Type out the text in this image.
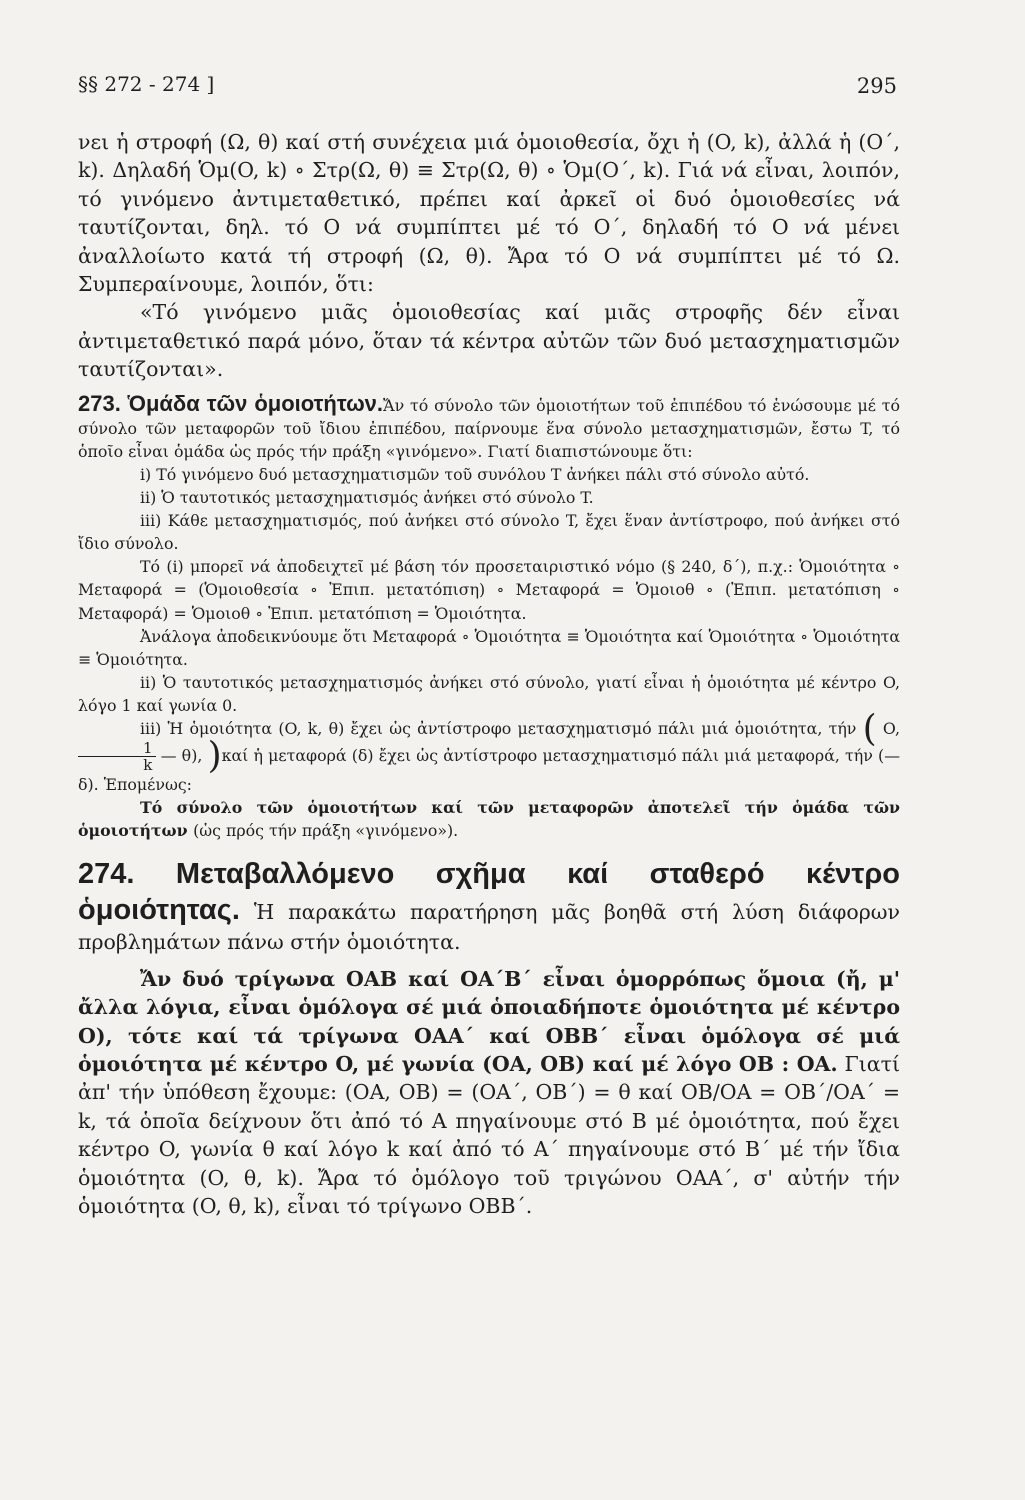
§§ 272 - 274 ]	295

νει ἡ στροφή (Ω, θ) καί στή συνέχεια μιά ὁμοιοθεσία, ὄχι ἡ (O, k), ἀλλά ἡ (O΄, k). Δηλαδή Ὁμ(O, k) ∘ Στρ(Ω, θ) ≡ Στρ(Ω, θ) ∘ Ὁμ(O΄, k). Γιά νά εἶναι, λοιπόν, τό γινόμενο ἀντιμεταθετικό, πρέπει καί ἀρκεῖ οἱ δυό ὁμοιοθεσίες νά ταυτίζονται, δηλ. τό O νά συμπίπτει μέ τό O΄, δηλαδή τό O νά μένει ἀναλλοίωτο κατά τή στροφή (Ω, θ). Ἄρα τό O νά συμπίπτει μέ τό Ω. Συμπεραίνουμε, λοιπόν, ὅτι:

«Τό γινόμενο μιᾶς ὁμοιοθεσίας καί μιᾶς στροφῆς δέν εἶναι ἀντιμεταθετικό παρά μόνο, ὅταν τά κέντρα αὐτῶν τῶν δυό μετασχηματισμῶν ταυτίζονται».

273. Ὁμάδα τῶν ὁμοιοτήτων.Ἄν τό σύνολο τῶν ὁμοιοτήτων τοῦ ἐπιπέδου τό ἑνώσουμε μέ τό σύνολο τῶν μεταφορῶν τοῦ ἴδιου ἐπιπέδου, παίρνουμε ἕνα σύνολο μετασχηματισμῶν, ἔστω T, τό ὁποῖο εἶναι ὁμάδα ὡς πρός τήν πράξη «γινόμενο». Γιατί διαπιστώνουμε ὅτι:

i) Τό γινόμενο δυό μετασχηματισμῶν τοῦ συνόλου T ἀνήκει πάλι στό σύνολο αὐτό.

ii) Ὁ ταυτοτικός μετασχηματισμός ἀνήκει στό σύνολο T.

iii) Κάθε μετασχηματισμός, πού ἀνήκει στό σύνολο T, ἔχει ἕναν ἀντίστροφο, πού ἀνήκει στό ἴδιο σύνολο.

Τό (i) μπορεῖ νά ἀποδειχτεῖ μέ βάση τόν προσεταιριστικό νόμο (§ 240, δ΄), π.χ.: Ὁμοιότητα ∘ Μεταφορά = (Ὁμοιοθεσία ∘ Ἐπιπ. μετατόπιση) ∘ Μεταφορά = Ὁμοιοθ ∘ (Ἐπιπ. μετατόπιση ∘ Μεταφορά) = Ὁμοιοθ ∘ Ἐπιπ. μετατόπιση = Ὁμοιότητα.

Ἀνάλογα ἀποδεικνύουμε ὅτι Μεταφορά ∘ Ὁμοιότητα ≡ Ὁμοιότητα καί Ὁμοιότητα ∘ Ὁμοιότητα ≡ Ὁμοιότητα.

ii) Ὁ ταυτοτικός μετασχηματισμός ἀνήκει στό σύνολο, γιατί εἶναι ἡ ὁμοιότητα μέ κέντρο O, λόγο 1 καί γωνία 0.

iii) Ἡ ὁμοιότητα (O, k, θ) ἔχει ὡς ἀντίστροφο μετασχηματισμό πάλι μιά ὁμοιότητα, τήν ( O,
$\frac{1}{k}$ — θ), )καί ἡ μεταφορά (δ) ἔχει ὡς ἀντίστροφο μετασχηματισμό πάλι μιά μεταφορά, τήν (— δ). Ἑπομένως:

Τό σύνολο τῶν ὁμοιοτήτων καί τῶν μεταφορῶν ἀποτελεῖ τήν ὁμάδα τῶν ὁμοιοτήτων (ὡς πρός τήν πράξη «γινόμενο»).

274. Μεταβαλλόμενο σχῆμα καί σταθερό κέντρο ὁμοιότητας. Ἡ παρακάτω παρατήρηση μᾶς βοηθᾶ στή λύση διάφορων προβλημάτων πάνω στήν ὁμοιότητα.

Ἄν δυό τρίγωνα OAB καί OA΄B΄ εἶναι ὁμορρόπως ὅμοια (ἤ, μ' ἄλλα λόγια, εἶναι ὁμόλογα σέ μιά ὁποιαδήποτε ὁμοιότητα μέ κέντρο O), τότε καί τά τρίγωνα OAA΄ καί OBB΄ εἶναι ὁμόλογα σέ μιά ὁμοιότητα μέ κέντρο O, μέ γωνία (OA, OB) καί μέ λόγο OB : OA. Γιατί ἀπ' τήν ὑπόθεση ἔχουμε: (OA, OB) = (OA΄, OB΄) = θ καί OB/OA = OB΄/OA΄ = k, τά ὁποῖα δείχνουν ὅτι ἀπό τό A πηγαίνουμε στό B μέ ὁμοιότητα, πού ἔχει κέντρο O, γωνία θ καί λόγο k καί ἀπό τό A΄ πηγαίνουμε στό B΄ μέ τήν ἴδια ὁμοιότητα (O, θ, k). Ἄρα τό ὁμόλογο τοῦ τριγώνου OAA΄, σ' αὐτήν τήν ὁμοιότητα (O, θ, k), εἶναι τό τρίγωνο OBB΄.
